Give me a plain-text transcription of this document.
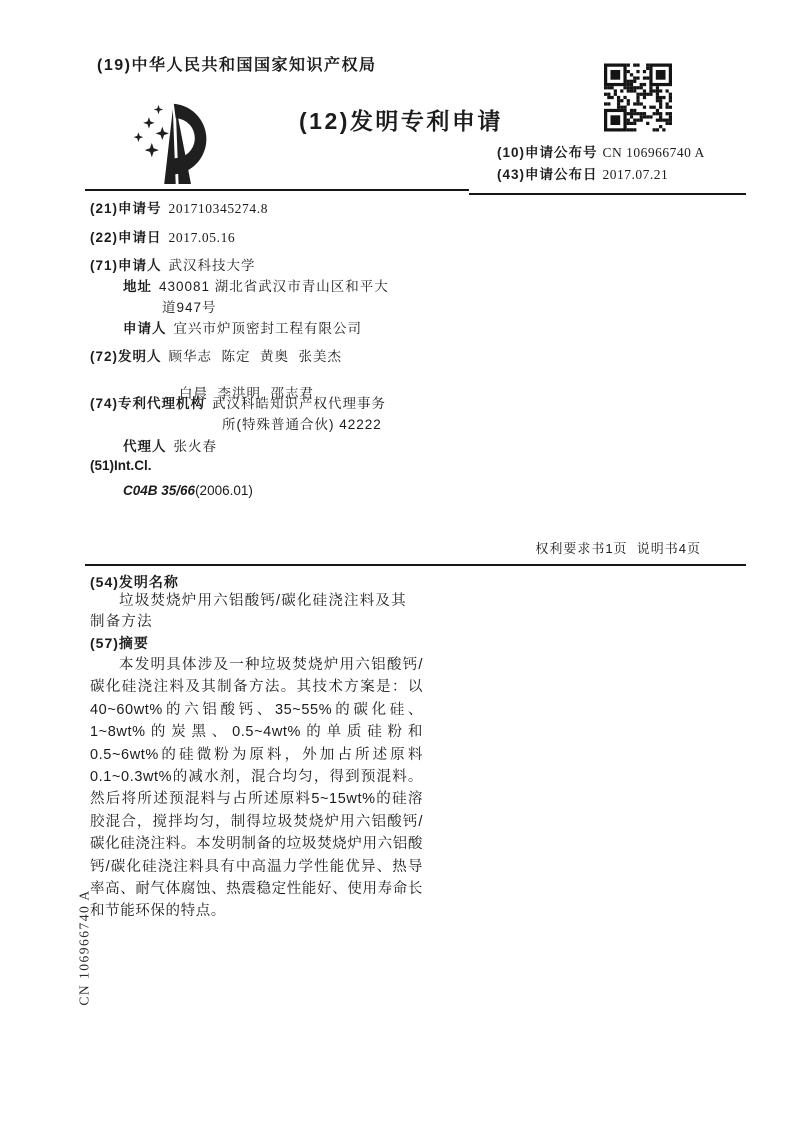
(19)中华人民共和国国家知识产权局
(12)发明专利申请
(10)申请公布号 CN 106966740 A
(43)申请公布日 2017.07.21
(21)申请号 201710345274.8
(22)申请日 2017.05.16
(71)申请人 武汉科技大学
地址 430081 湖北省武汉市青山区和平大
道947号
申请人 宜兴市炉顶密封工程有限公司
(72)发明人 顾华志  陈定  黄奥  张美杰

白晨  李洪明  邵志君

(74)专利代理机构 武汉科皓知识产权代理事务
所(特殊普通合伙) 42222
代理人 张火春
(51)Int.Cl.
C04B 35/66(2006.01)
权利要求书1页  说明书4页
(54)发明名称
垃圾焚烧炉用六铝酸钙/碳化硅浇注料及其制备方法
(57)摘要
本发明具体涉及一种垃圾焚烧炉用六铝酸钙/碳化硅浇注料及其制备方法。其技术方案是：以40~60wt%的六铝酸钙、35~55%的碳化硅、1~8wt%的炭黑、0.5~4wt%的单质硅粉和0.5~6wt%的硅微粉为原料，外加占所述原料0.1~0.3wt%的减水剂，混合均匀，得到预混料。然后将所述预混料与占所述原料5~15wt%的硅溶胶混合，搅拌均匀，制得垃圾焚烧炉用六铝酸钙/碳化硅浇注料。本发明制备的垃圾焚烧炉用六铝酸钙/碳化硅浇注料具有中高温力学性能优异、热导率高、耐气体腐蚀、热震稳定性能好、使用寿命长和节能环保的特点。
CN 106966740 A
